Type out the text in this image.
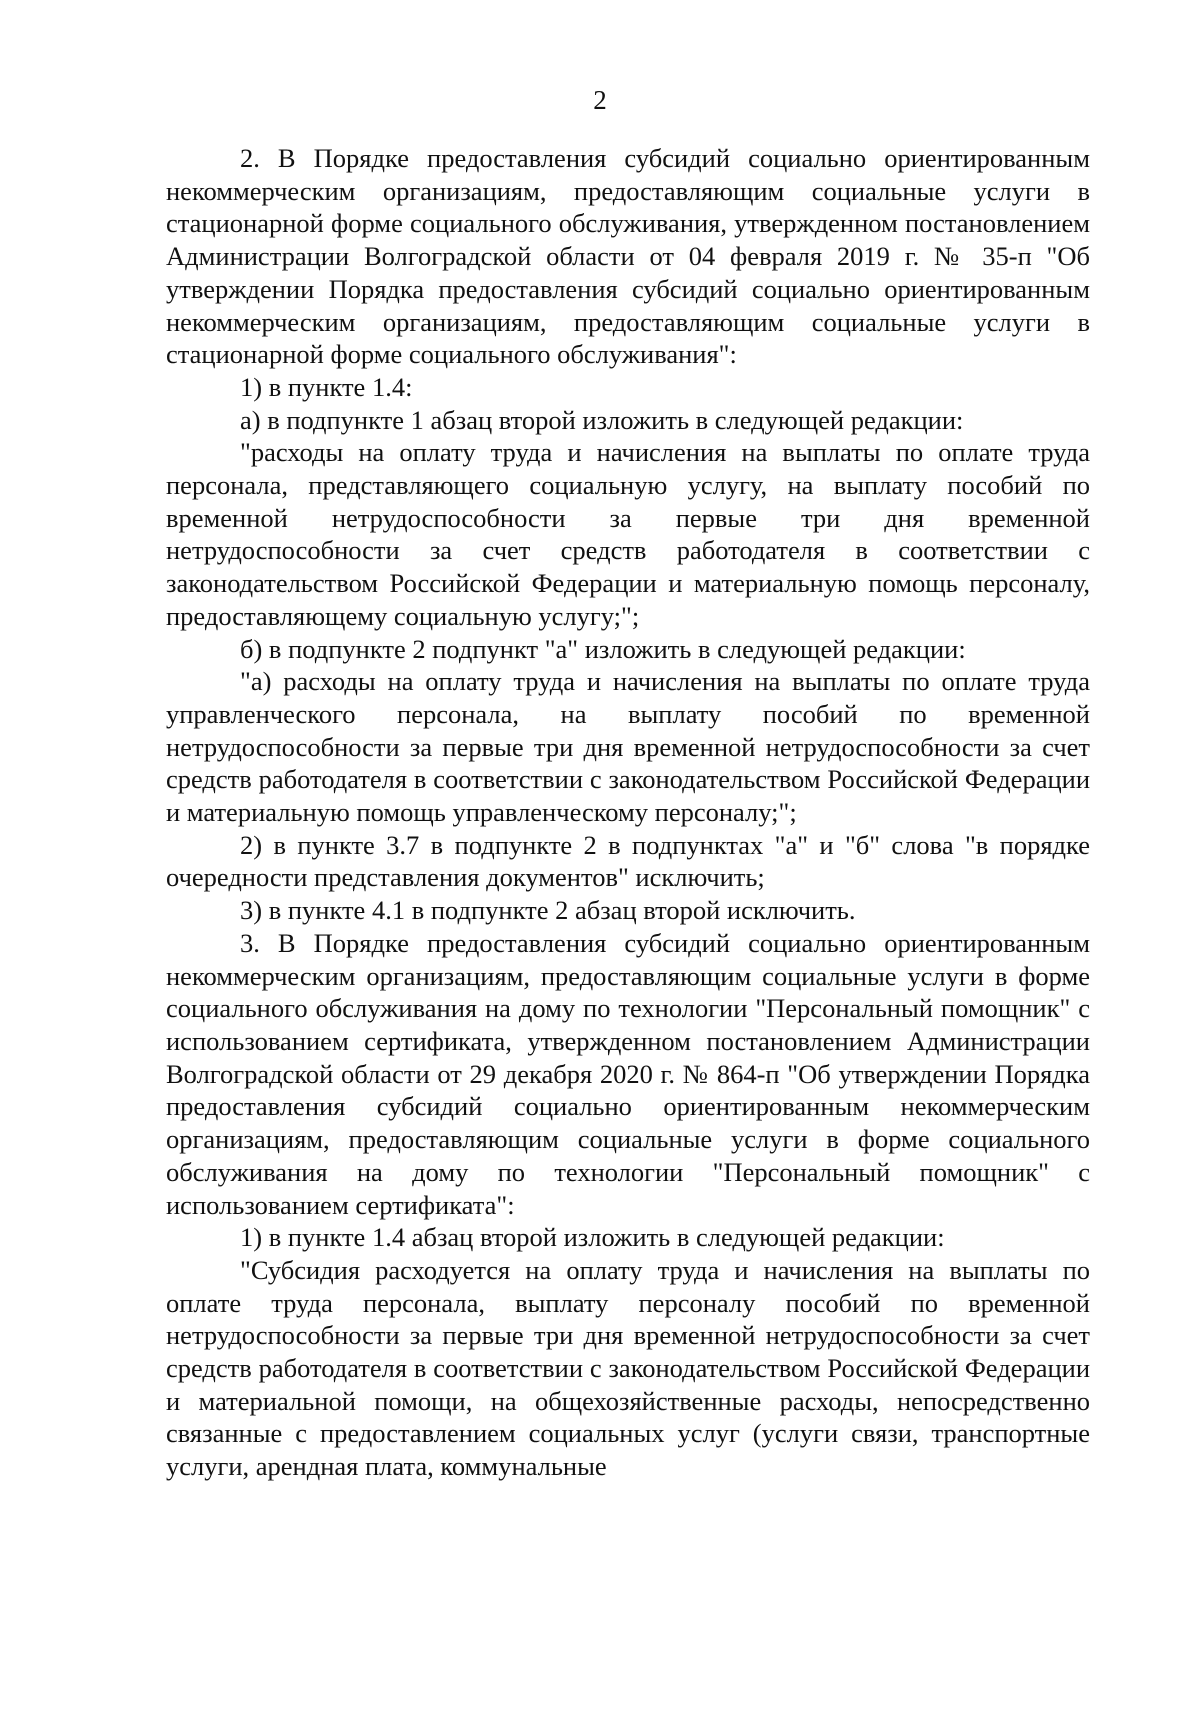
2

2. В Порядке предоставления субсидий социально ориентированным некоммерческим организациям, предоставляющим социальные услуги в стационарной форме социального обслуживания, утвержденном постановлением Администрации Волгоградской области от 04 февраля 2019 г. № 35-п "Об утверждении Порядка предоставления субсидий социально ориентированным некоммерческим организациям, предоставляющим социальные услуги в стационарной форме социального обслуживания":

1) в пункте 1.4:

а) в подпункте 1 абзац второй изложить в следующей редакции:

"расходы на оплату труда и начисления на выплаты по оплате труда персонала, представляющего социальную услугу, на выплату пособий по временной нетрудоспособности за первые три дня временной нетрудоспособности за счет средств работодателя в соответствии с законодательством Российской Федерации и материальную помощь персоналу, предоставляющему социальную услугу;";

б) в подпункте 2 подпункт "а" изложить в следующей редакции:

"а) расходы на оплату труда и начисления на выплаты по оплате труда управленческого персонала, на выплату пособий по временной нетрудоспособности за первые три дня временной нетрудоспособности за счет средств работодателя в соответствии с законодательством Российской Федерации и материальную помощь управленческому персоналу;";

2) в пункте 3.7 в подпункте 2 в подпунктах "а" и "б" слова "в порядке очередности представления документов" исключить;

3) в пункте 4.1 в подпункте 2 абзац второй исключить.

3. В Порядке предоставления субсидий социально ориентированным некоммерческим организациям, предоставляющим социальные услуги в форме социального обслуживания на дому по технологии "Персональный помощник" с использованием сертификата, утвержденном постановлением Администрации Волгоградской области от 29 декабря 2020 г. № 864-п "Об утверждении Порядка предоставления субсидий социально ориентированным некоммерческим организациям, предоставляющим социальные услуги в форме социального обслуживания на дому по технологии "Персональный помощник" с использованием сертификата":

1) в пункте 1.4 абзац второй изложить в следующей редакции:

"Субсидия расходуется на оплату труда и начисления на выплаты по оплате труда персонала, выплату персоналу пособий по временной нетрудоспособности за первые три дня временной нетрудоспособности за счет средств работодателя в соответствии с законодательством Российской Федерации и материальной помощи, на общехозяйственные расходы, непосредственно связанные с предоставлением социальных услуг (услуги связи, транспортные услуги, арендная плата, коммунальные
